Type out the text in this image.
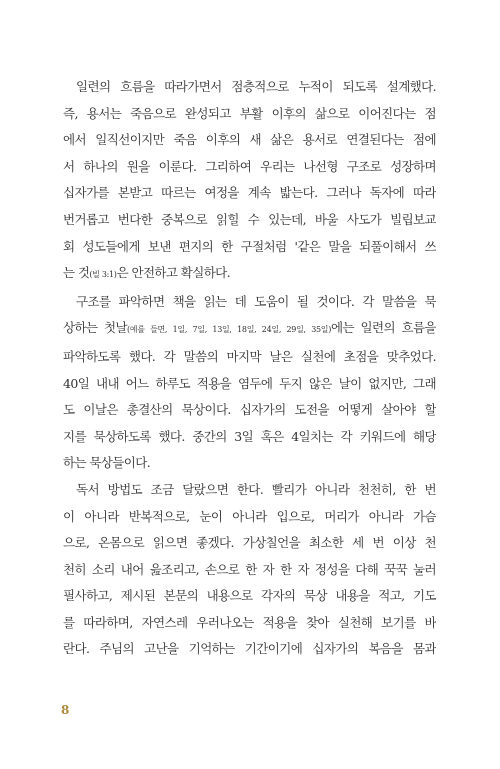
일련의 흐름을 따라가면서 점층적으로 누적이 되도록 설계했다.
즉, 용서는 죽음으로 완성되고 부활 이후의 삶으로 이어진다는 점
에서 일직선이지만 죽음 이후의 새 삶은 용서로 연결된다는 점에
서 하나의 원을 이룬다. 그리하여 우리는 나선형 구조로 성장하며
십자가를 본받고 따르는 여정을 계속 밟는다. 그러나 독자에 따라
번거롭고 번다한 중복으로 읽힐 수 있는데, 바울 사도가 빌립보교
회 성도들에게 보낸 편지의 한 구절처럼 '같은 말을 되풀이해서 쓰
는 것(빌 3:1)은 안전하고 확실하다.

구조를 파악하면 책을 읽는 데 도움이 될 것이다. 각 말씀을 묵
상하는 첫날(예를 들면, 1일, 7일, 13일, 18일, 24일, 29일, 35일)에는 일련의 흐름을
파악하도록 했다. 각 말씀의 마지막 날은 실천에 초점을 맞추었다.
40일 내내 어느 하루도 적용을 염두에 두지 않은 날이 없지만, 그래
도 이날은 총결산의 묵상이다. 십자가의 도전을 어떻게 살아야 할
지를 묵상하도록 했다. 중간의 3일 혹은 4일치는 각 키워드에 해당
하는 묵상들이다.

독서 방법도 조금 달랐으면 한다. 빨리가 아니라 천천히, 한 번
이 아니라 반복적으로, 눈이 아니라 입으로, 머리가 아니라 가슴
으로, 온몸으로 읽으면 좋겠다. 가상칠언을 최소한 세 번 이상 천
천히 소리 내어 읊조리고, 손으로 한 자 한 자 정성을 다해 꾹꾹 눌러
필사하고, 제시된 본문의 내용으로 각자의 묵상 내용을 적고, 기도
를 따라하며, 자연스레 우러나오는 적용을 찾아 실천해 보기를 바
란다. 주님의 고난을 기억하는 기간이기에 십자가의 복음을 몸과

8
